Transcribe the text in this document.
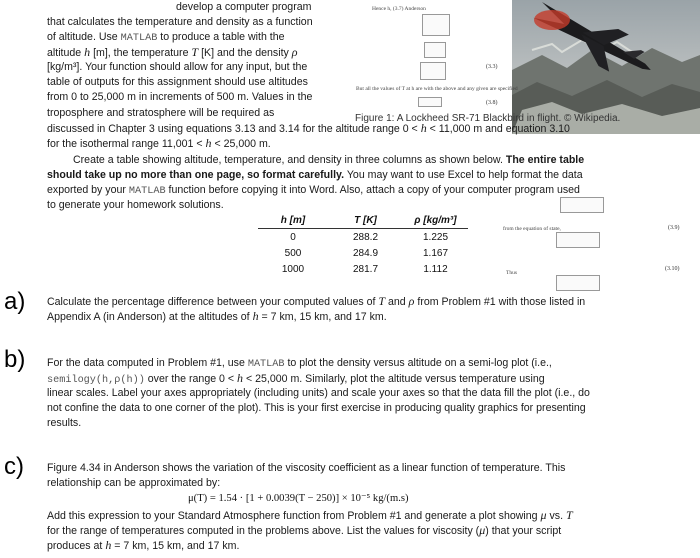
develop a computer program
that calculates the temperature and density as a function
of altitude. Use MATLAB to produce a table with the
altitude h [m], the temperature T [K] and the density ρ
[kg/m³]. Your function should allow for any input, but the
table of outputs for this assignment should use altitudes
from 0 to 25,000 m in increments of 500 m. Values in the
troposphere and stratosphere will be required as
discussed in Chapter 3 using equations 3.13 and 3.14 for the altitude range 0 < h < 11,000 m and equation 3.10
for the isothermal range 11,001 < h < 25,000 m.
Hence h, (3.7) Anderson
But all the values of T at h are with the above and any given are specified
(3.3)
(3.8)
from the equation of state,
Thus
(3.9)
(3.10)
Figure 1: A Lockheed SR-71 Blackbird in flight. © Wikipedia.
Create a table showing altitude, temperature, and density in three columns as shown below. The entire table
should take up no more than one page, so format carefully. You may want to use Excel to help format the data
exported by your MATLAB function before copying it into Word. Also, attach a copy of your computer program used
to generate your homework solutions.
h [m]	T [K]	ρ [kg/m³]
0	288.2	1.225
500	284.9	1.167
1000	281.7	1.112
a) Calculate the percentage difference between your computed values of T and ρ from Problem #1 with those listed in
Appendix A (in Anderson) at the altitudes of h = 7 km, 15 km, and 17 km.
b) For the data computed in Problem #1, use MATLAB to plot the density versus altitude on a semi-log plot (i.e.,
semilogy(h,ρ(h)) over the range 0 < h < 25,000 m. Similarly, plot the altitude versus temperature using
linear scales. Label your axes appropriately (including units) and scale your axes so that the data fill the plot (i.e., do
not confine the data to one corner of the plot). This is your first exercise in producing quality graphics for presenting
results.
c) Figure 4.34 in Anderson shows the variation of the viscosity coefficient as a linear function of temperature. This
relationship can be approximated by:
μ(T) = 1.54 · [1 + 0.0039(T − 250)] × 10⁻⁵ kg/(m.s)
Add this expression to your Standard Atmosphere function from Problem #1 and generate a plot showing μ vs. T
for the range of temperatures computed in the problems above. List the values for viscosity (μ) that your script
produces at h = 7 km, 15 km, and 17 km.
